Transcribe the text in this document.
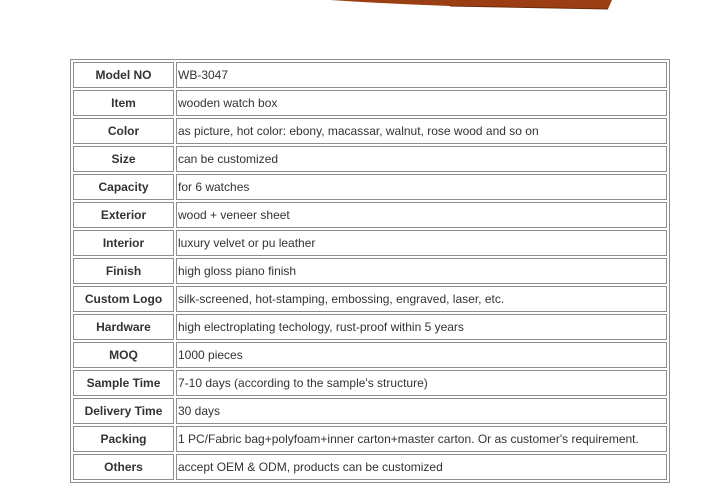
Model NO	WB-3047
Item	wooden watch box
Color	as picture, hot color: ebony, macassar, walnut, rose wood and so on
Size	can be customized
Capacity	for 6 watches
Exterior	wood + veneer sheet
Interior	luxury velvet or pu leather
Finish	high gloss piano finish
Custom Logo	silk-screened, hot-stamping, embossing, engraved, laser, etc.
Hardware	high electroplating techology, rust-proof within 5 years
MOQ	1000 pieces
Sample Time	7-10 days (according to the sample's structure)
Delivery Time	30 days
Packing	1 PC/Fabric bag+polyfoam+inner carton+master carton. Or as customer's requirement.
Others	accept OEM & ODM, products can be customized
